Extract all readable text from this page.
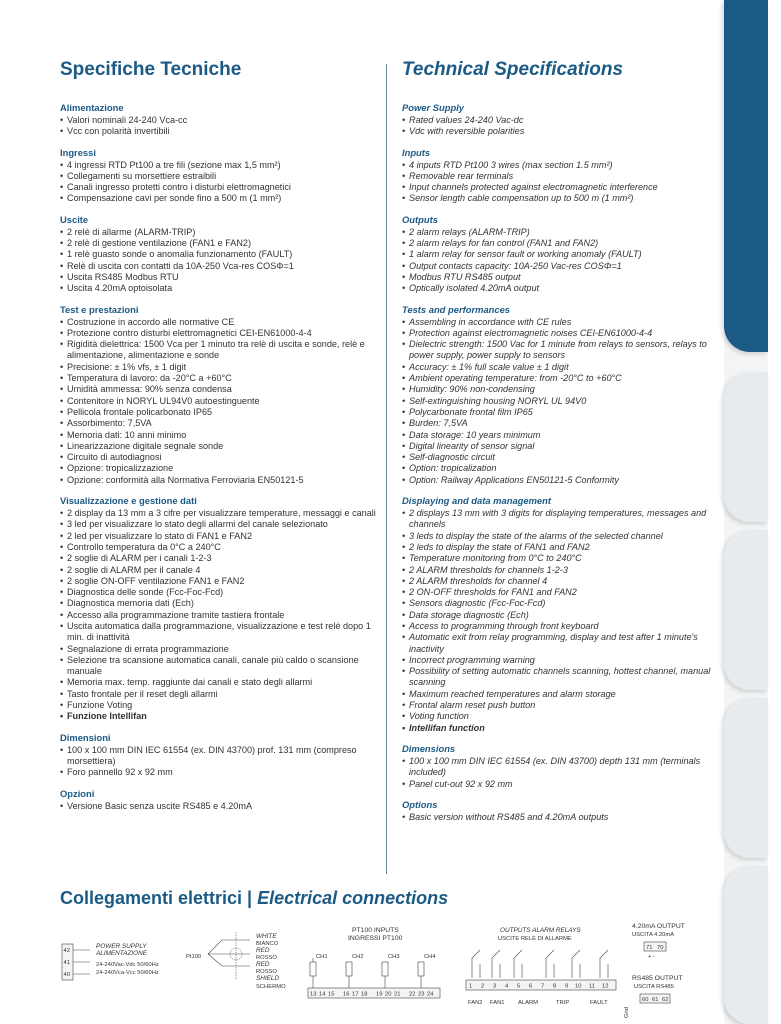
SECTION 2
Specifiche Tecniche
Alimentazione
• Valori nominali 24-240 Vca-cc
• Vcc con polarità invertibili
Ingressi
• 4 ingressi RTD Pt100 a tre fili (sezione max 1,5 mm²)
• Collegamenti su morsettiere estraibili
• Canali ingresso protetti contro i disturbi elettromagnetici
• Compensazione cavi per sonde fino a 500 m (1 mm²)
Uscite
• 2 relè di allarme (ALARM-TRIP)
• 2 relè di gestione ventilazione (FAN1 e FAN2)
• 1 relè guasto sonde o anomalia funzionamento (FAULT)
• Relè di uscita con contatti da 10A-250 Vca-res COSΦ=1
• Uscita RS485 Modbus RTU
• Uscita 4.20mA optoisolata
Test e prestazioni
• Costruzione in accordo alle normative CE
• Protezione contro disturbi elettromagnetici CEI-EN61000-4-4
• Rigidità dielettrica: 1500 Vca per 1 minuto tra relè di uscita e sonde, relè e alimentazione, alimentazione e sonde
• Precisione: ± 1% vfs, ± 1 digit
• Temperatura di lavoro: da -20°C a +60°C
• Umidità ammessa: 90% senza condensa
• Contenitore in NORYL UL94V0 autoestinguente
• Pellicola frontale policarbonato IP65
• Assorbimento: 7,5VA
• Memoria dati: 10 anni minimo
• Linearizzazione digitale segnale sonde
• Circuito di autodiagnosi
• Opzione: tropicalizzazione
• Opzione: conformità alla Normativa Ferroviaria EN50121-5
Visualizzazione e gestione dati
• 2 display da 13 mm a 3 cifre per visualizzare temperature, messaggi e canali
• 3 led per visualizzare lo stato degli allarmi del canale selezionato
• 2 led per visualizzare lo stato di FAN1 e FAN2
• Controllo temperatura da 0°C a 240°C
• 2 soglie di ALARM per i canali 1-2-3
• 2 soglie di ALARM per il canale 4
• 2 soglie ON-OFF ventilazione FAN1 e FAN2
• Diagnostica delle sonde (Fcc-Foc-Fcd)
• Diagnostica memoria dati (Ech)
• Accesso alla programmazione tramite tastiera frontale
• Uscita automatica dalla programmazione, visualizzazione e test relè dopo 1 min. di inattività
• Segnalazione di errata programmazione
• Selezione tra scansione automatica canali, canale più caldo o scansione manuale
• Memoria max. temp. raggiunte dai canali e stato degli allarmi
• Tasto frontale per il reset degli allarmi
• Funzione Voting
• Funzione Intellifan
Dimensioni
• 100 x 100 mm DIN IEC 61554 (ex. DIN 43700) prof. 131 mm (compreso morsettiera)
• Foro pannello 92 x 92 mm
Opzioni
• Versione Basic senza uscite RS485 e 4.20mA
Technical Specifications
Power Supply
• Rated values 24-240 Vac-dc
• Vdc with reversible polarities
Inputs
• 4 inputs RTD Pt100 3 wires (max section 1.5 mm²)
• Removable rear terminals
• Input channels protected against electromagnetic interference
• Sensor length cable compensation up to 500 m (1 mm²)
Outputs
• 2 alarm relays (ALARM-TRIP)
• 2 alarm relays for fan control (FAN1 and FAN2)
• 1 alarm relay for sensor fault or working anomaly (FAULT)
• Output contacts capacity: 10A-250 Vac-res COSΦ=1
• Modbus RTU RS485 output
• Optically isolated 4.20mA output
Tests and performances
• Assembling in accordance with CE rules
• Protection against electromagnetic noises CEI-EN61000-4-4
• Dielectric strength: 1500 Vac for 1 minute from relays to sensors, relays to power supply, power supply to sensors
• Accuracy: ± 1% full scale value ± 1 digit
• Ambient operating temperature: from -20°C to +60°C
• Humidity: 90% non-condensing
• Self-extinguishing housing NORYL UL 94V0
• Polycarbonate frontal film IP65
• Burden: 7,5VA
• Data storage: 10 years minimum
• Digital linearity of sensor signal
• Self-diagnostic circuit
• Option: tropicalization
• Option: Railway Applications EN50121-5 Conformity
Displaying and data management
• 2 displays 13 mm with 3 digits for displaying temperatures, messages and channels
• 3 leds to display the state of the alarms of the selected channel
• 2 leds to display the state of FAN1 and FAN2
• Temperature monitoring from 0°C to 240°C
• 2 ALARM thresholds for channels 1-2-3
• 2 ALARM thresholds for channel 4
• 2 ON-OFF thresholds for FAN1 and FAN2
• Sensors diagnostic (Fcc-Foc-Fcd)
• Data storage diagnostic (Ech)
• Access to programming through front keyboard
• Automatic exit from relay programming, display and test after 1 minute's inactivity
• Incorrect programming warning
• Possibility of setting automatic channels scanning, hottest channel, manual scanning
• Maximum reached temperatures and alarm storage
• Frontal alarm reset push button
• Voting function
• Intellifan function
Dimensions
• 100 x 100 mm DIN IEC 61554 (ex. DIN 43700) depth 131 mm (terminals included)
• Panel cut-out 92 x 92 mm
Options
• Basic version without RS485 and 4.20mA outputs
Collegamenti elettrici | Electrical connections
42
41
40
POWER SUPPLY
ALIMENTAZIONE
24-240Vac-Vdc 50/60Hz
24-240Vca-Vcc 50/60Hz
Pt100
WHITE
BIANCO
RED
ROSSO
RED
ROSSO
SHIELD
SCHERMO
PT100 INPUTS
INGRESSI PT100
CH1	CH2	CH3	CH4
13 14 15 16 17 18 19 20 21 22 23 24
OUTPUTS ALARM RELAYS
USCITE RELÈ DI ALLARME
1 2 3 4 5 6 7 8 9 10 11 12
FAN2 FAN1 ALARM	TRIP	FAULT
4.20mA OUTPUT
USCITA 4.20mA
71 70
+ -
RS485 OUTPUT
USCITA RS485
60 61 62
Gnd
